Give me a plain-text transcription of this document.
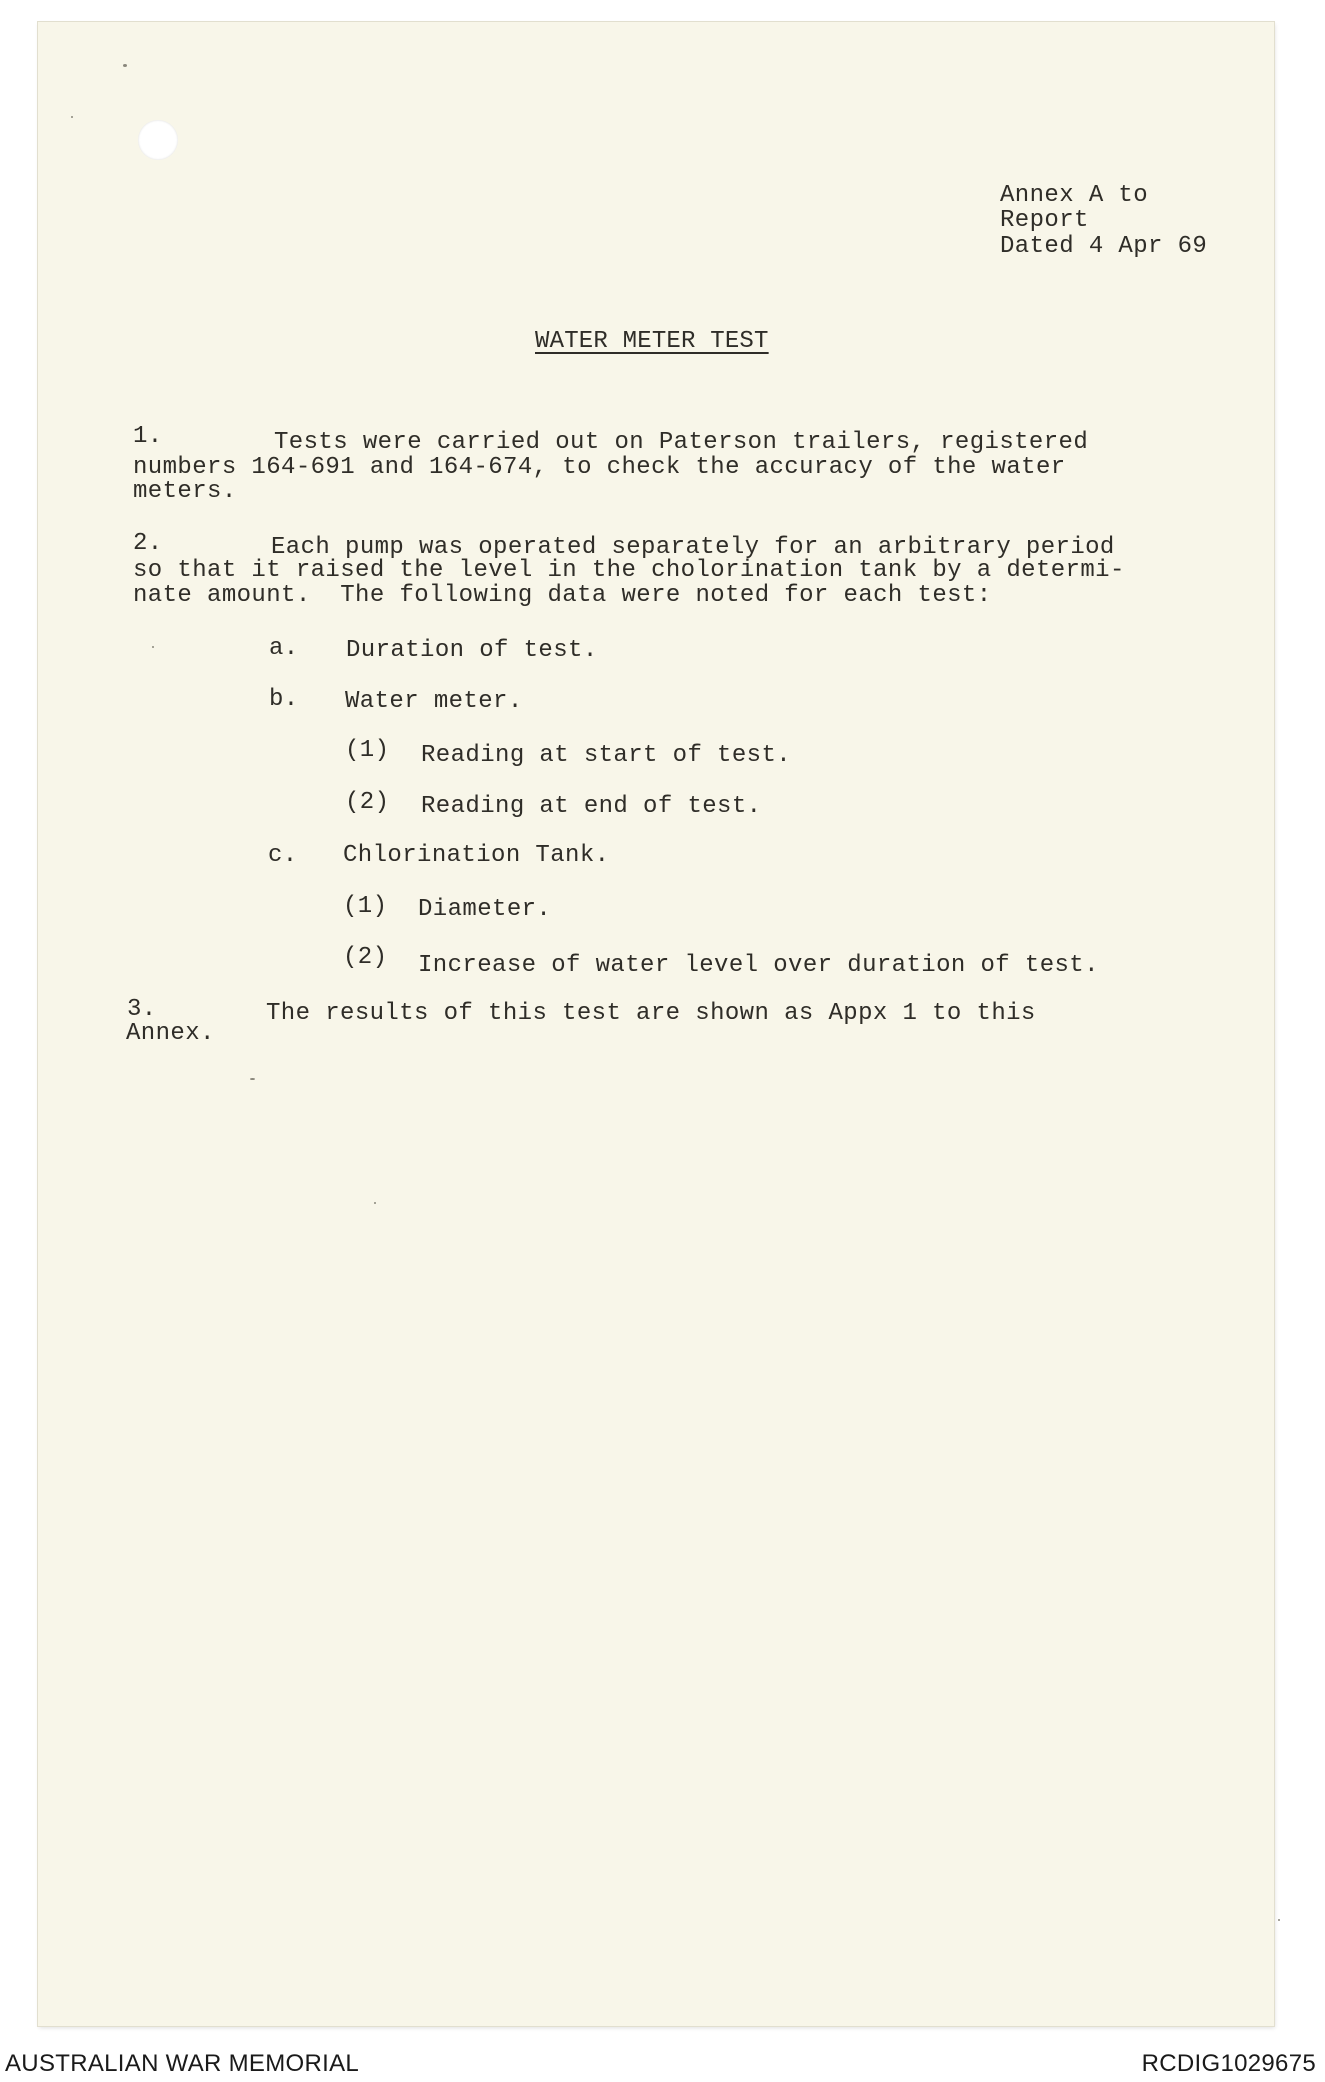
Annex A to
Report
Dated 4 Apr 69
WATER METER TEST
1.	Tests were carried out on Paterson trailers, registered
numbers 164-691 and 164-674, to check the accuracy of the water
meters.
2.	Each pump was operated separately for an arbitrary period
so that it raised the level in the cholorination tank by a determi-
nate amount.  The following data were noted for each test:
a. Duration of test.
b. Water meter.
(1) Reading at start of test.
(2) Reading at end of test.
c. Chlorination Tank.
(1) Diameter.
(2) Increase of water level over duration of test.
3.	The results of this test are shown as Appx 1 to this
Annex.
AUSTRALIAN WAR MEMORIAL	RCDIG1029675
